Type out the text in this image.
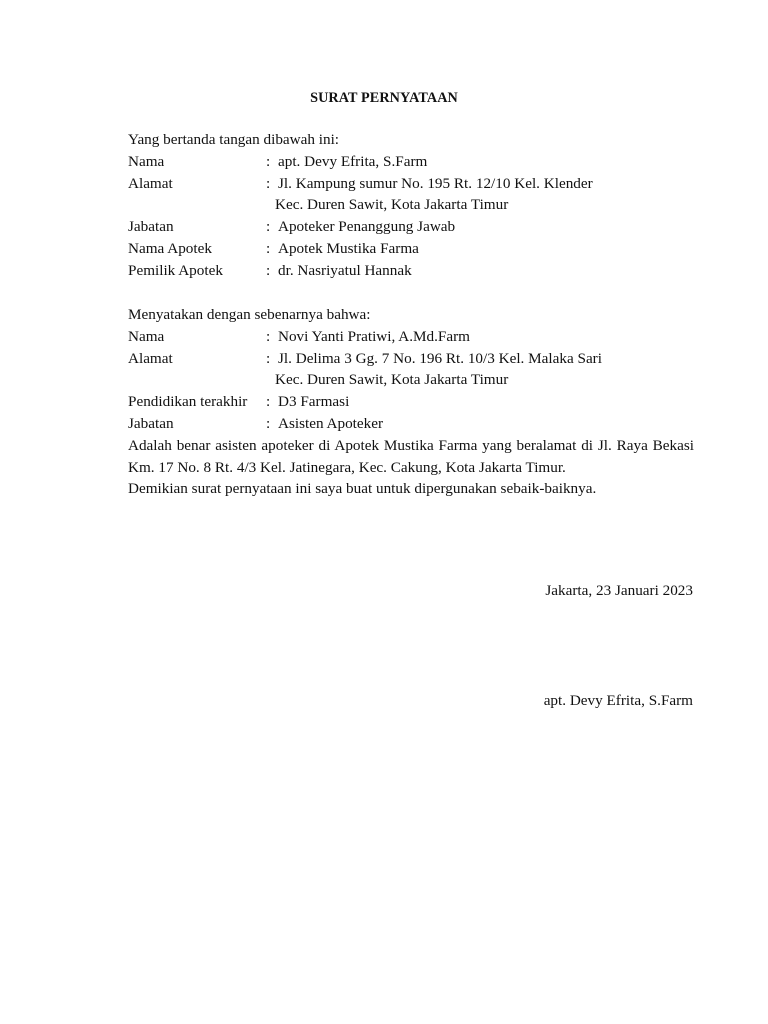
SURAT PERNYATAAN
Yang bertanda tangan dibawah ini:
Nama	: apt. Devy Efrita, S.Farm
Alamat	: Jl. Kampung sumur No. 195 Rt. 12/10 Kel. Klender
Kec. Duren Sawit, Kota Jakarta Timur
Jabatan	: Apoteker Penanggung Jawab
Nama Apotek	: Apotek Mustika Farma
Pemilik Apotek	: dr. Nasriyatul Hannak
Menyatakan dengan sebenarnya bahwa:
Nama	: Novi Yanti Pratiwi, A.Md.Farm
Alamat	: Jl. Delima 3 Gg. 7 No. 196 Rt. 10/3 Kel. Malaka Sari
Kec. Duren Sawit, Kota Jakarta Timur
Pendidikan terakhir	: D3 Farmasi
Jabatan	: Asisten Apoteker
Adalah benar asisten apoteker di Apotek Mustika Farma yang beralamat di Jl. Raya Bekasi Km. 17 No. 8 Rt. 4/3 Kel. Jatinegara, Kec. Cakung, Kota Jakarta Timur.
Demikian surat pernyataan ini saya buat untuk dipergunakan sebaik-baiknya.
Jakarta, 23 Januari 2023
apt. Devy Efrita, S.Farm
